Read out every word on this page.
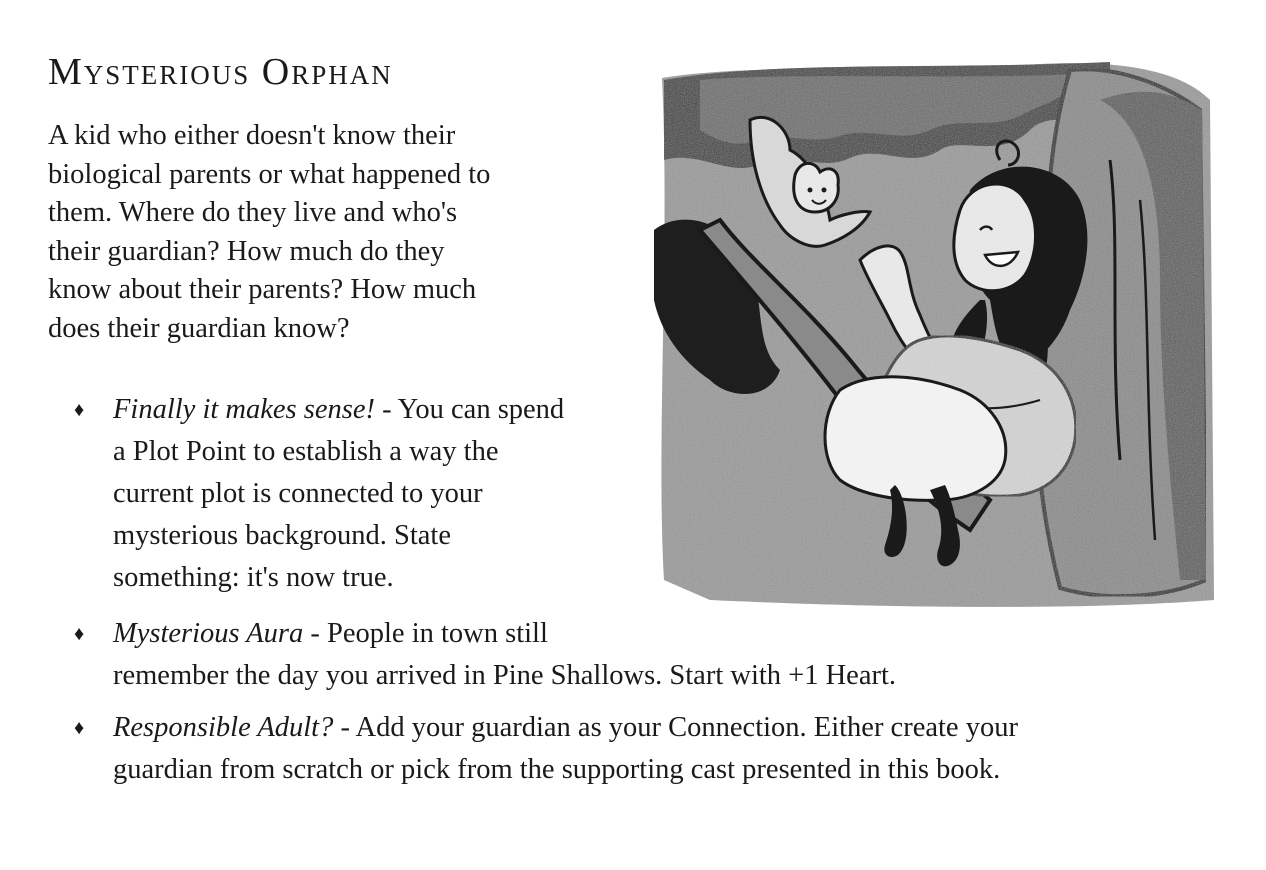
Mysterious Orphan

A kid who either doesn't know their
biological parents or what happened to
them. Where do they live and who's
their guardian? How much do they
know about their parents? How much
does their guardian know?

♦ Finally it makes sense! - You can spend
a Plot Point to establish a way the
current plot is connected to your
mysterious background. State
something: it's now true.
♦ Mysterious Aura - People in town still
remember the day you arrived in Pine Shallows. Start with +1 Heart.
♦ Responsible Adult? - Add your guardian as your Connection. Either create your
guardian from scratch or pick from the supporting cast presented in this book.
